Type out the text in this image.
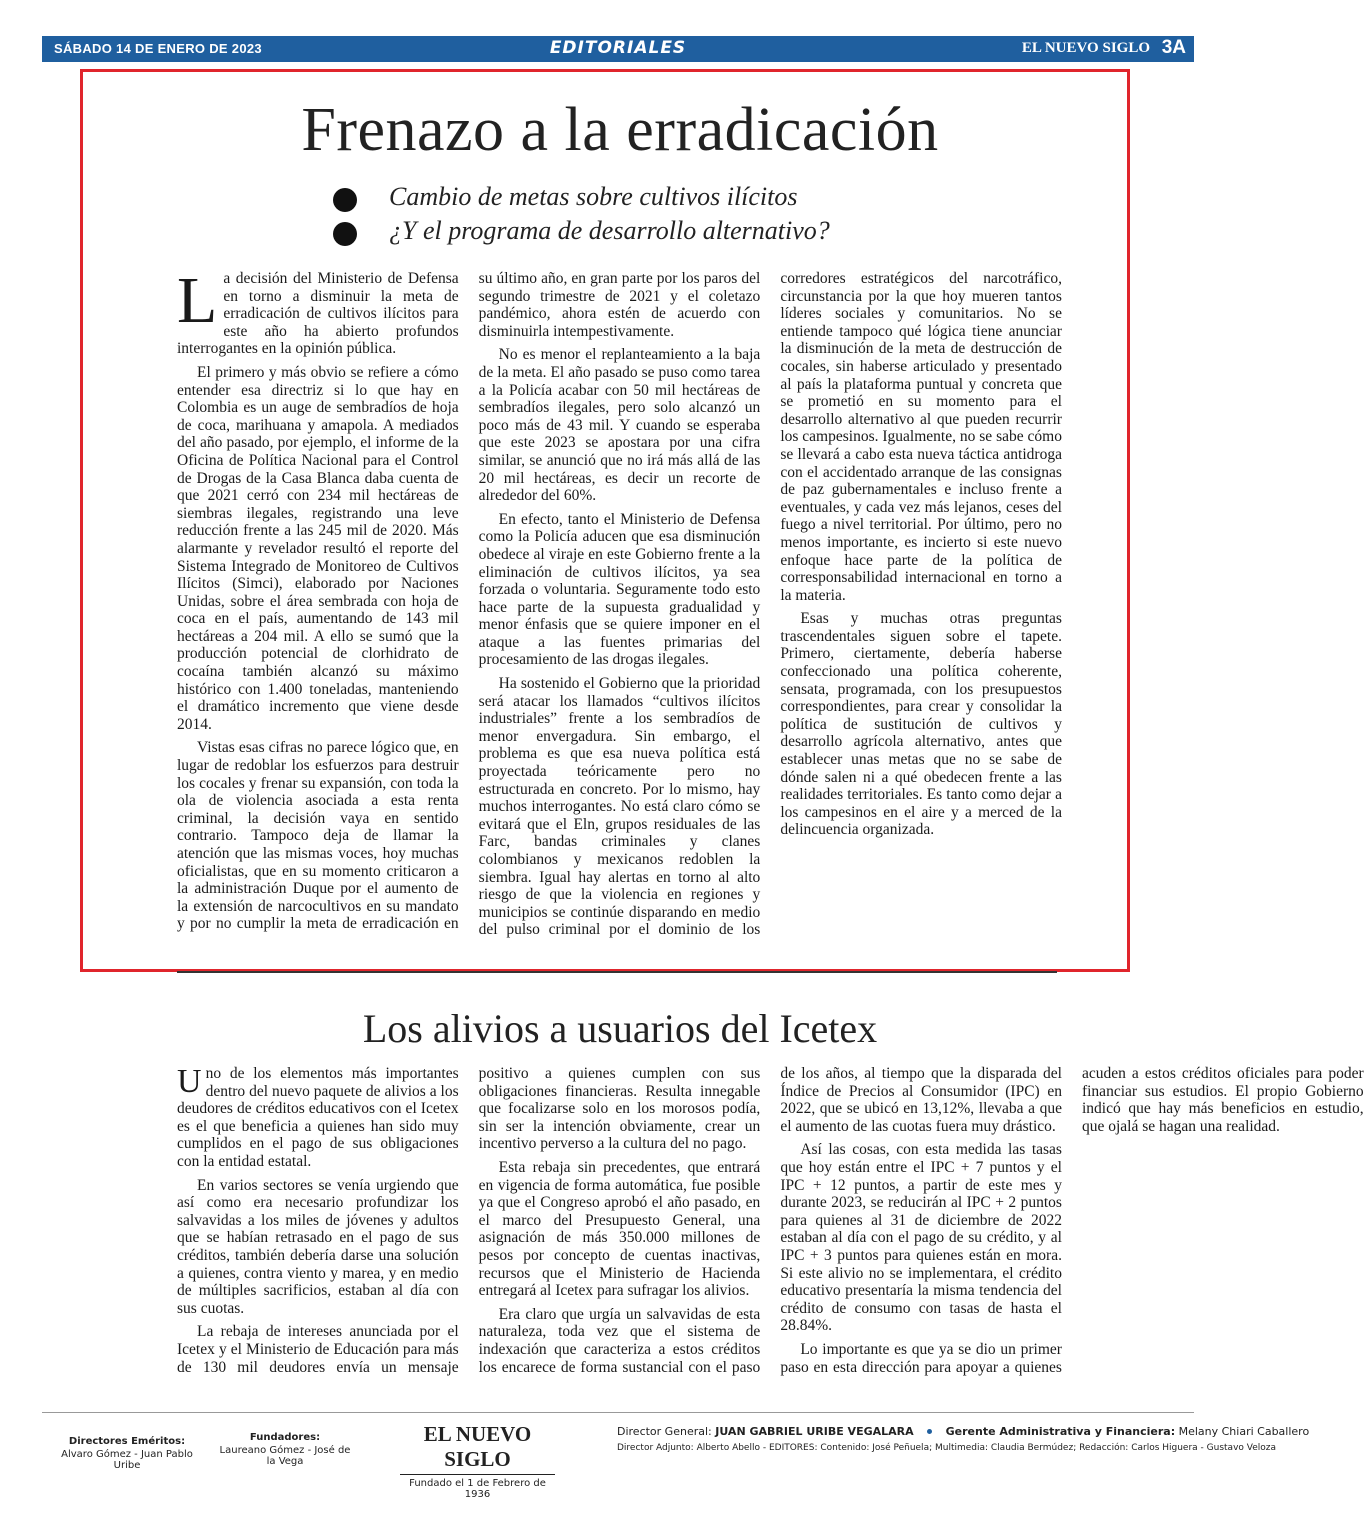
SÁBADO 14 DE ENERO DE 2023	EDITORIALES	EL NUEVO SIGLO 3A
Frenazo a la erradicación
Cambio de metas sobre cultivos ilícitos
¿Y el programa de desarrollo alternativo?

La decisión del Ministerio de Defensa en torno a disminuir la meta de erradicación de cultivos ilícitos para este año ha abierto profundos interrogantes en la opinión pública.

El primero y más obvio se refiere a cómo entender esa directriz si lo que hay en Colombia es un auge de sembradíos de hoja de coca, marihuana y amapola. A mediados del año pasado, por ejemplo, el informe de la Oficina de Política Nacional para el Control de Drogas de la Casa Blanca daba cuenta de que 2021 cerró con 234 mil hectáreas de siembras ilegales, registrando una leve reducción frente a las 245 mil de 2020. Más alarmante y revelador resultó el reporte del Sistema Integrado de Monitoreo de Cultivos Ilícitos (Simci), elaborado por Naciones Unidas, sobre el área sembrada con hoja de coca en el país, aumentando de 143 mil hectáreas a 204 mil. A ello se sumó que la producción potencial de clorhidrato de cocaína también alcanzó su máximo histórico con 1.400 toneladas, manteniendo el dramático incremento que viene desde 2014.

Vistas esas cifras no parece lógico que, en lugar de redoblar los esfuerzos para destruir los cocales y frenar su expansión, con toda la ola de violencia asociada a esta renta criminal, la decisión vaya en sentido contrario. Tampoco deja de llamar la atención que las mismas voces, hoy muchas oficialistas, que en su momento criticaron a la administración Duque por el aumento de la extensión de narcocultivos en su mandato y por no cumplir la meta de erradicación en su último año, en gran parte por los paros del segundo trimestre de 2021 y el coletazo pandémico, ahora estén de acuerdo con disminuirla intempestivamente.

No es menor el replanteamiento a la baja de la meta. El año pasado se puso como tarea a la Policía acabar con 50 mil hectáreas de sembradíos ilegales, pero solo alcanzó un poco más de 43 mil. Y cuando se esperaba que este 2023 se apostara por una cifra similar, se anunció que no irá más allá de las 20 mil hectáreas, es decir un recorte de alrededor del 60%.

En efecto, tanto el Ministerio de Defensa como la Policía aducen que esa disminución obedece al viraje en este Gobierno frente a la eliminación de cultivos ilícitos, ya sea forzada o voluntaria. Seguramente todo esto hace parte de la supuesta gradualidad y menor énfasis que se quiere imponer en el ataque a las fuentes primarias del procesamiento de las drogas ilegales.

Ha sostenido el Gobierno que la prioridad será atacar los llamados “cultivos ilícitos industriales” frente a los sembradíos de menor envergadura. Sin embargo, el problema es que esa nueva política está proyectada teóricamente pero no estructurada en concreto. Por lo mismo, hay muchos interrogantes. No está claro cómo se evitará que el Eln, grupos residuales de las Farc, bandas criminales y clanes colombianos y mexicanos redoblen la siembra. Igual hay alertas en torno al alto riesgo de que la violencia en regiones y municipios se continúe disparando en medio del pulso criminal por el dominio de los corredores estratégicos del narcotráfico, circunstancia por la que hoy mueren tantos líderes sociales y comunitarios. No se entiende tampoco qué lógica tiene anunciar la disminución de la meta de destrucción de cocales, sin haberse articulado y presentado al país la plataforma puntual y concreta que se prometió en su momento para el desarrollo alternativo al que pueden recurrir los campesinos. Igualmente, no se sabe cómo se llevará a cabo esta nueva táctica antidroga con el accidentado arranque de las consignas de paz gubernamentales e incluso frente a eventuales, y cada vez más lejanos, ceses del fuego a nivel territorial. Por último, pero no menos importante, es incierto si este nuevo enfoque hace parte de la política de corresponsabilidad internacional en torno a la materia.

Esas y muchas otras preguntas trascendentales siguen sobre el tapete. Primero, ciertamente, debería haberse confeccionado una política coherente, sensata, programada, con los presupuestos correspondientes, para crear y consolidar la política de sustitución de cultivos y desarrollo agrícola alternativo, antes que establecer unas metas que no se sabe de dónde salen ni a qué obedecen frente a las realidades territoriales. Es tanto como dejar a los campesinos en el aire y a merced de la delincuencia organizada.

Los alivios a usuarios del Icetex

Uno de los elementos más importantes dentro del nuevo paquete de alivios a los deudores de créditos educativos con el Icetex es el que beneficia a quienes han sido muy cumplidos en el pago de sus obligaciones con la entidad estatal.

En varios sectores se venía urgiendo que así como era necesario profundizar los salvavidas a los miles de jóvenes y adultos que se habían retrasado en el pago de sus créditos, también debería darse una solución a quienes, contra viento y marea, y en medio de múltiples sacrificios, estaban al día con sus cuotas.

La rebaja de intereses anunciada por el Icetex y el Ministerio de Educación para más de 130 mil deudores envía un mensaje positivo a quienes cumplen con sus obligaciones financieras. Resulta innegable que focalizarse solo en los morosos podía, sin ser la intención obviamente, crear un incentivo perverso a la cultura del no pago.

Esta rebaja sin precedentes, que entrará en vigencia de forma automática, fue posible ya que el Congreso aprobó el año pasado, en el marco del Presupuesto General, una asignación de más 350.000 millones de pesos por concepto de cuentas inactivas, recursos que el Ministerio de Hacienda entregará al Icetex para sufragar los alivios.

Era claro que urgía un salvavidas de esta naturaleza, toda vez que el sistema de indexación que caracteriza a estos créditos los encarece de forma sustancial con el paso de los años, al tiempo que la disparada del Índice de Precios al Consumidor (IPC) en 2022, que se ubicó en 13,12%, llevaba a que el aumento de las cuotas fuera muy drástico.

Así las cosas, con esta medida las tasas que hoy están entre el IPC + 7 puntos y el IPC + 12 puntos, a partir de este mes y durante 2023, se reducirán al IPC + 2 puntos para quienes al 31 de diciembre de 2022 estaban al día con el pago de su crédito, y al IPC + 3 puntos para quienes están en mora. Si este alivio no se implementara, el crédito educativo presentaría la misma tendencia del crédito de consumo con tasas de hasta el 28.84%.

Lo importante es que ya se dio un primer paso en esta dirección para apoyar a quienes acuden a estos créditos oficiales para poder financiar sus estudios. El propio Gobierno indicó que hay más beneficios en estudio, que ojalá se hagan una realidad.

Directores Eméritos:
Alvaro Gómez - Juan Pablo Uribe
Fundadores:
Laureano Gómez - José de la Vega
EL NUEVO SIGLO
Fundado el 1 de Febrero de 1936
Director General: JUAN GABRIEL URIBE VEGALARA	Gerente Administrativa y Financiera: Melany Chiari Caballero
Director Adjunto: Alberto Abello - EDITORES: Contenido: José Peñuela; Multimedia: Claudia Bermúdez; Redacción: Carlos Higuera - Gustavo Veloza
